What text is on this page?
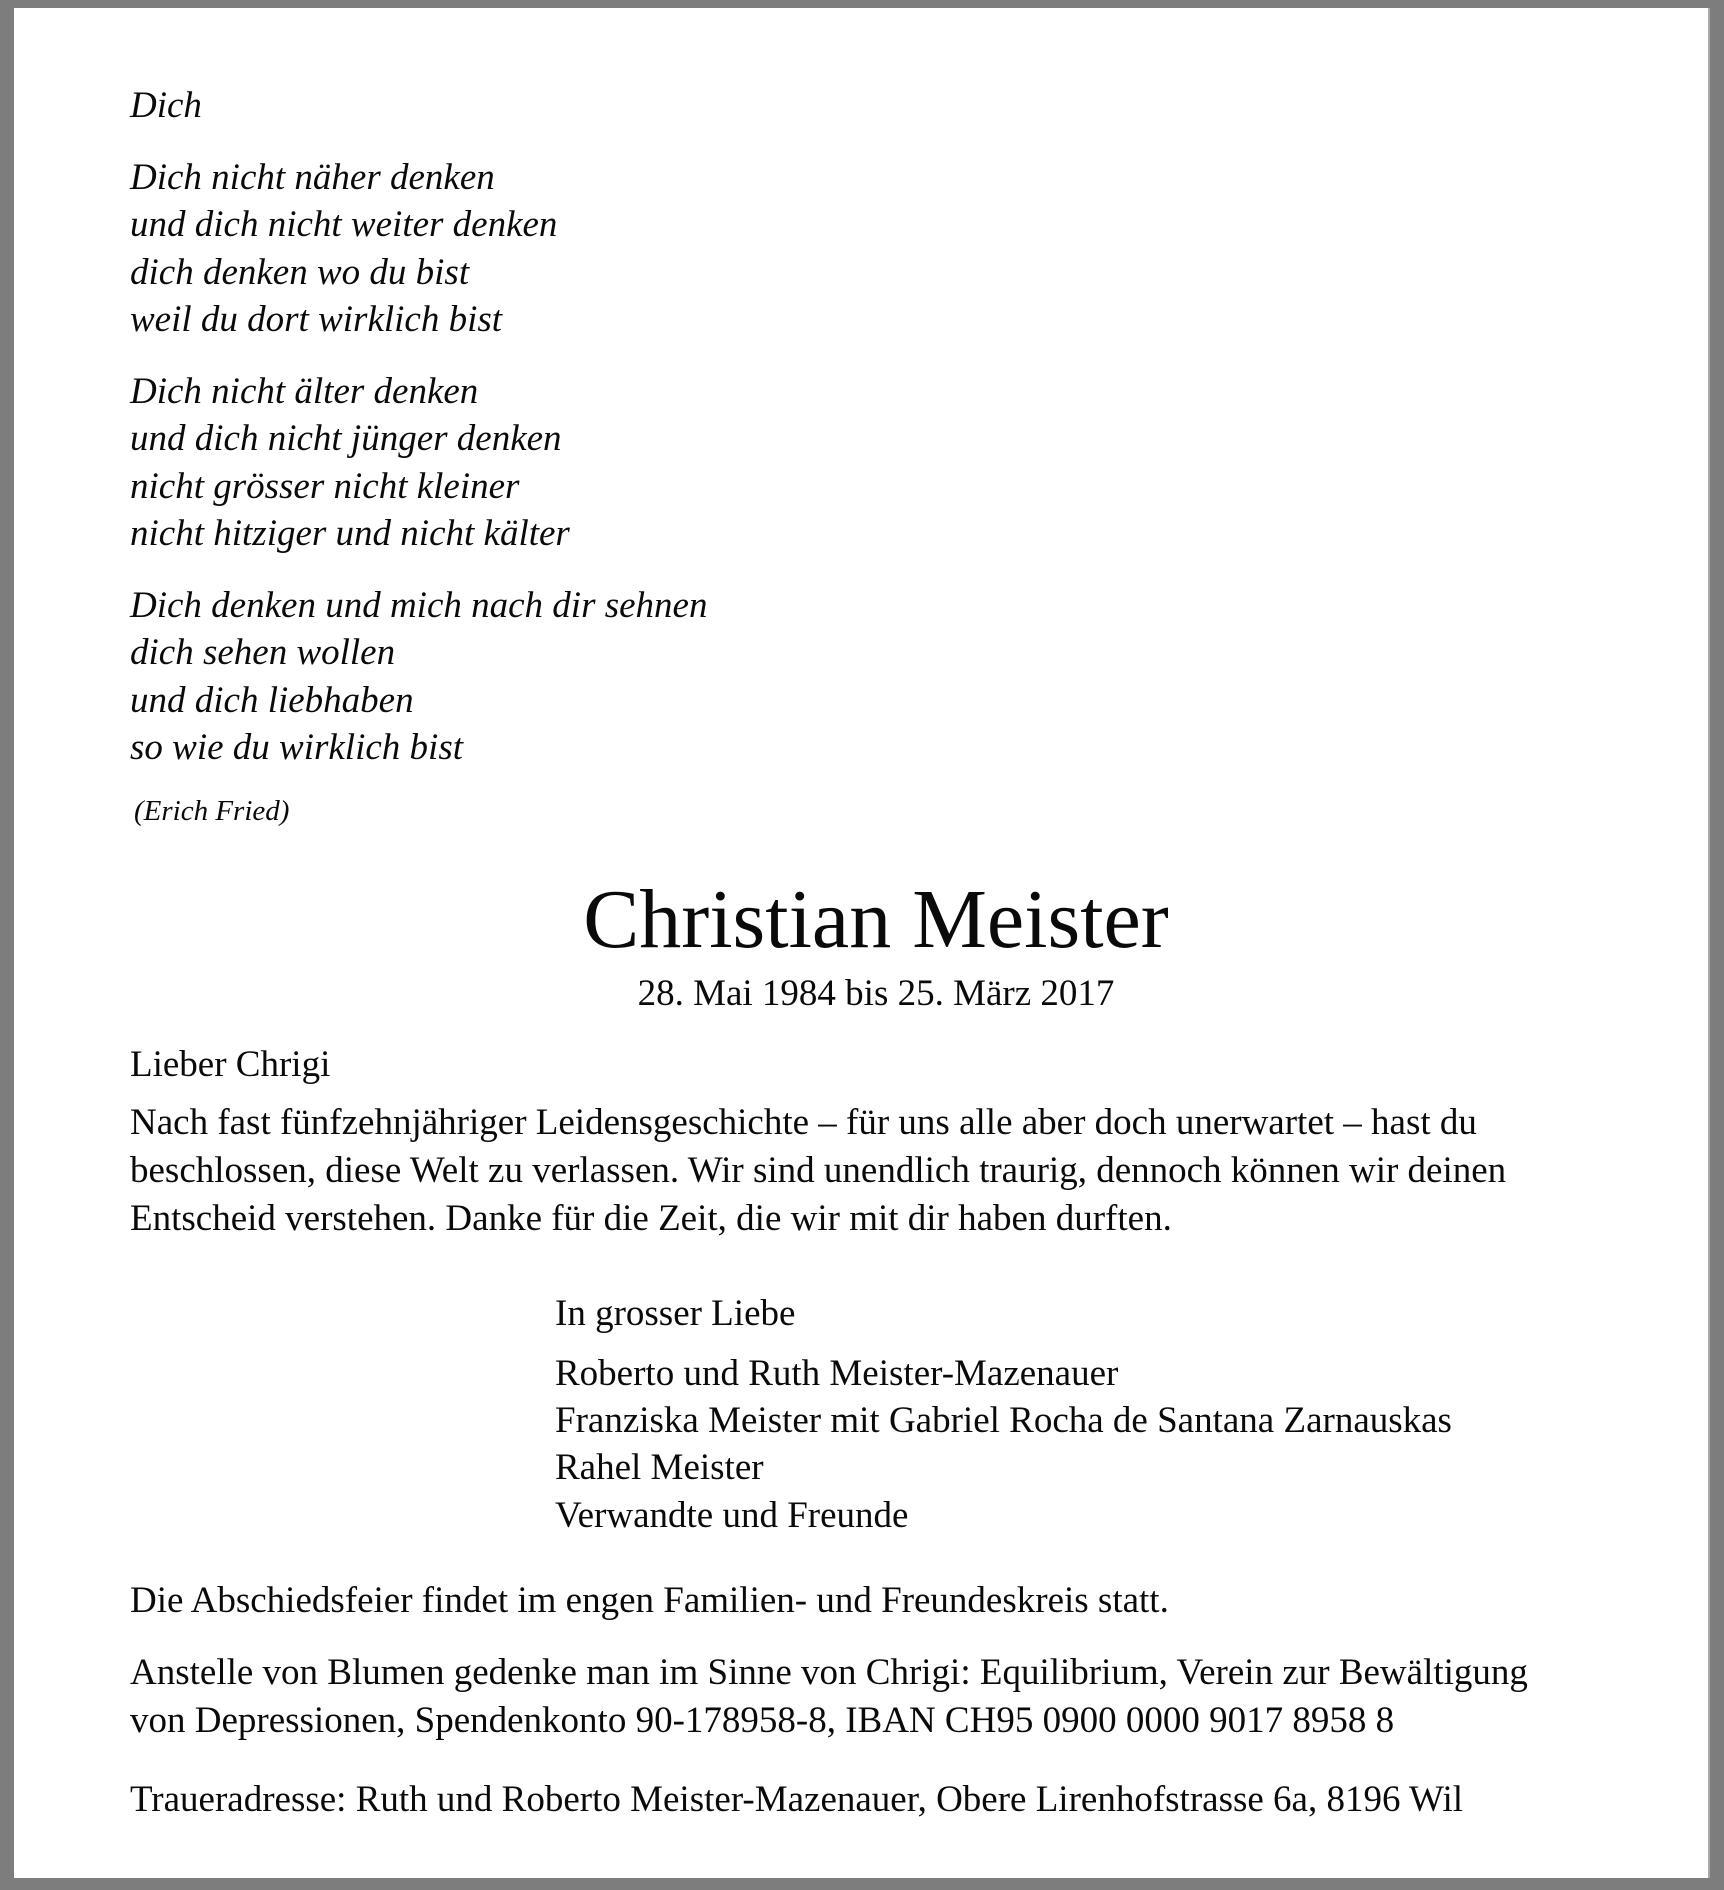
Dich
Dich nicht näher denken
und dich nicht weiter denken
dich denken wo du bist
weil du dort wirklich bist
Dich nicht älter denken
und dich nicht jünger denken
nicht grösser nicht kleiner
nicht hitziger und nicht kälter
Dich denken und mich nach dir sehnen
dich sehen wollen
und dich liebhaben
so wie du wirklich bist
(Erich Fried)
Christian Meister
28. Mai 1984 bis 25. März 2017
Lieber Chrigi
Nach fast fünfzehnjähriger Leidensgeschichte – für uns alle aber doch unerwartet – hast du
beschlossen, diese Welt zu verlassen. Wir sind unendlich traurig, dennoch können wir deinen
Entscheid verstehen. Danke für die Zeit, die wir mit dir haben durften.
In grosser Liebe
Roberto und Ruth Meister-Mazenauer
Franziska Meister mit Gabriel Rocha de Santana Zarnauskas
Rahel Meister
Verwandte und Freunde
Die Abschiedsfeier findet im engen Familien- und Freundeskreis statt.
Anstelle von Blumen gedenke man im Sinne von Chrigi: Equilibrium, Verein zur Bewältigung
von Depressionen, Spendenkonto 90-178958-8, IBAN CH95 0900 0000 9017 8958 8
Traueradresse: Ruth und Roberto Meister-Mazenauer, Obere Lirenhofstrasse 6a, 8196 Wil
